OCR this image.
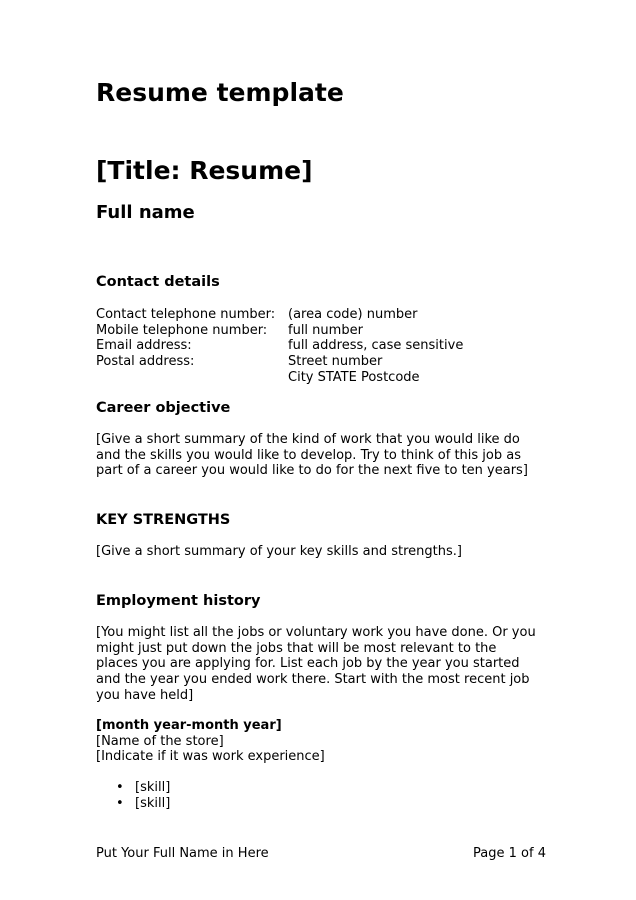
Resume template
[Title: Resume]
Full name
Contact details
Contact telephone number: (area code) number
Mobile telephone number: full number
Email address:	full address, case sensitive
Postal address:	Street number
City STATE Postcode
Career objective
[Give a short summary of the kind of work that you would like do
and the skills you would like to develop. Try to think of this job as
part of a career you would like to do for the next five to ten years]
KEY STRENGTHS
[Give a short summary of your key skills and strengths.]
Employment history
[You might list all the jobs or voluntary work you have done. Or you
might just put down the jobs that will be most relevant to the
places you are applying for. List each job by the year you started
and the year you ended work there. Start with the most recent job
you have held]
[month year-month year]
[Name of the store]
[Indicate if it was work experience]
• [skill]
• [skill]
Put Your Full Name in Here	Page 1 of 4
